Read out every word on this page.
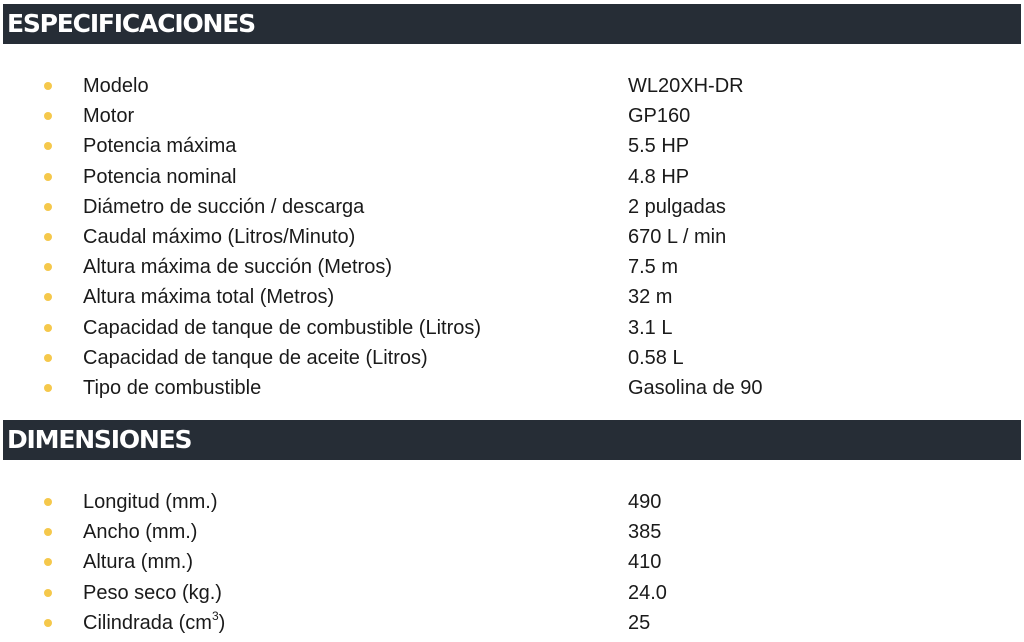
ESPECIFICACIONES
Modelo	WL20XH-DR
Motor	GP160
Potencia máxima	5.5 HP
Potencia nominal	4.8 HP
Diámetro de succión / descarga	2 pulgadas
Caudal máximo (Litros/Minuto)	670 L / min
Altura máxima de succión (Metros)	7.5 m
Altura máxima total (Metros)	32 m
Capacidad de tanque de combustible (Litros)	3.1 L
Capacidad de tanque de aceite (Litros)	0.58 L
Tipo de combustible	Gasolina de 90
DIMENSIONES
Longitud (mm.)	490
Ancho (mm.)	385
Altura (mm.)	410
Peso seco (kg.)	24.0
Cilindrada $(cm^3)$	25
